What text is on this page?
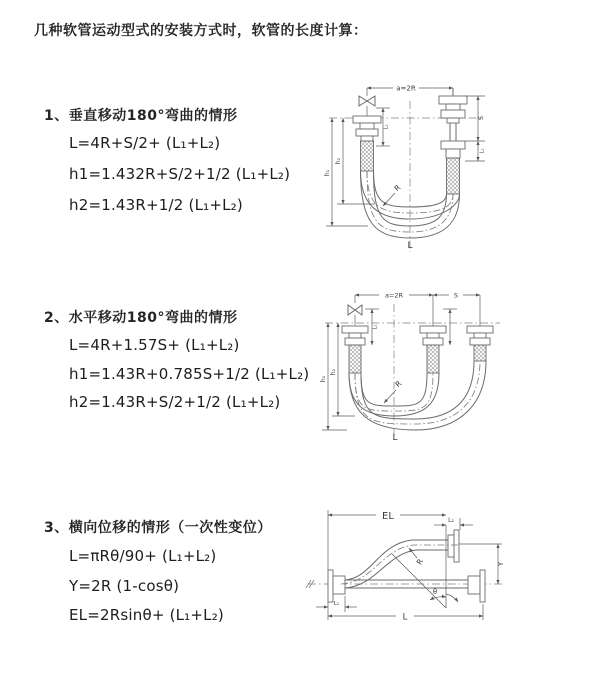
几种软管运动型式的安装方式时，软管的长度计算：
1、垂直移动180°弯曲的情形
L=4R+S/2+ (L₁+L₂)
h1=1.432R+S/2+1/2 (L₁+L₂)
h2=1.43R+1/2 (L₁+L₂)
2、水平移动180°弯曲的情形
L=4R+1.57S+ (L₁+L₂)
h1=1.43R+0.785S+1/2 (L₁+L₂)
h2=1.43R+S/2+1/2 (L₁+L₂)
3、横向位移的情形（一次性变位）
L=πRθ/90+ (L₁+L₂)
Y=2R (1-cosθ)
EL=2Rsinθ+ (L₁+L₂)
a=2R
S
L₁
L₁
h₂
h₁
R
L
a=2R	S
L₁
h₂
h₁	R
L
EL	L₂
θ
R	Y
L₁
L
